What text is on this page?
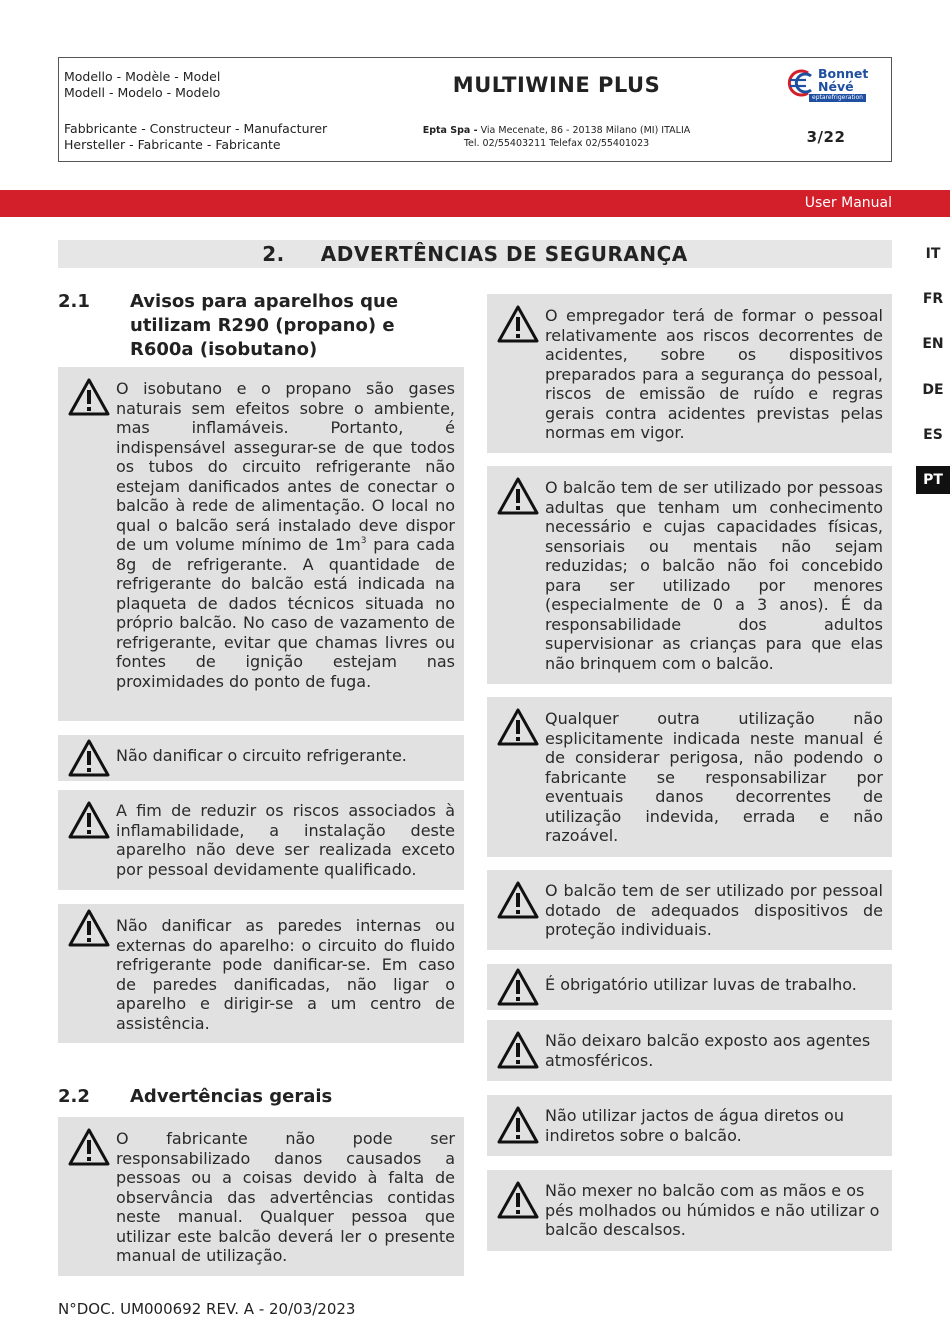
Modello - Modèle - Model
Modell - Modelo - Modelo	MULTIWINE PLUS	Bonnet
Névé
eptarefrigeration
Fabbricante - Constructeur - Manufacturer
Hersteller - Fabricante - Fabricante
Epta Spa - Via Mecenate, 86 - 20138 Milano (MI) ITALIA
Tel. 02/55403211 Telefax 02/55401023	3/22
User Manual
2. ADVERTÊNCIAS DE SEGURANÇA	IT
FR
EN
DE
ES
PT
2.1 Avisos para aparelhos que utilizam R290 (propano) e R600a (isobutano)
O isobutano e o propano são gases naturais sem efeitos sobre o ambiente, mas inflamáveis. Portanto, é indispensável assegurar-se de que todos os tubos do circuito refrigerante não estejam danificados antes de conectar o balcão à rede de alimentação. O local no qual o balcão será instalado deve dispor de um volume mínimo de $1m^3$ para cada 8g de refrigerante. A quantidade de refrigerante do balcão está indicada na plaqueta de dados técnicos situada no próprio balcão. No caso de vazamento de refrigerante, evitar que chamas livres ou fontes de ignição estejam nas proximidades do ponto de fuga.
Não danificar o circuito refrigerante.
A fim de reduzir os riscos associados à inflamabilidade, a instalação deste aparelho não deve ser realizada exceto por pessoal devidamente qualificado.
Não danificar as paredes internas ou externas do aparelho: o circuito do fluido refrigerante pode danificar-se. Em caso de paredes danificadas, não ligar o aparelho e dirigir-se a um centro de assistência.
2.2 Advertências gerais
O fabricante não pode ser responsabilizado danos causados a pessoas ou a coisas devido à falta de observância das advertências contidas neste manual. Qualquer pessoa que utilizar este balcão deverá ler o presente manual de utilização.
O empregador terá de formar o pessoal relativamente aos riscos decorrentes de acidentes, sobre os dispositivos preparados para a segurança do pessoal, riscos de emissão de ruído e regras gerais contra acidentes previstas pelas normas em vigor.
O balcão tem de ser utilizado por pessoas adultas que tenham um conhecimento necessário e cujas capacidades físicas, sensoriais ou mentais não sejam reduzidas; o balcão não foi concebido para ser utilizado por menores (especialmente de 0 a 3 anos). É da responsabilidade dos adultos supervisionar as crianças para que elas não brinquem com o balcão.
Qualquer outra utilização não esplicitamente indicada neste manual é de considerar perigosa, não podendo o fabricante se responsabilizar por eventuais danos decorrentes de utilização indevida, errada e não razoável.
O balcão tem de ser utilizado por pessoal dotado de adequados dispositivos de proteção individuais.
É obrigatório utilizar luvas de trabalho.
Não deixaro balcão exposto aos agentes atmosféricos.
Não utilizar jactos de água diretos ou indiretos sobre o balcão.
Não mexer no balcão com as mãos e os pés molhados ou húmidos e não utilizar o balcão descalsos.
N°DOC. UM000692 REV. A - 20/03/2023
